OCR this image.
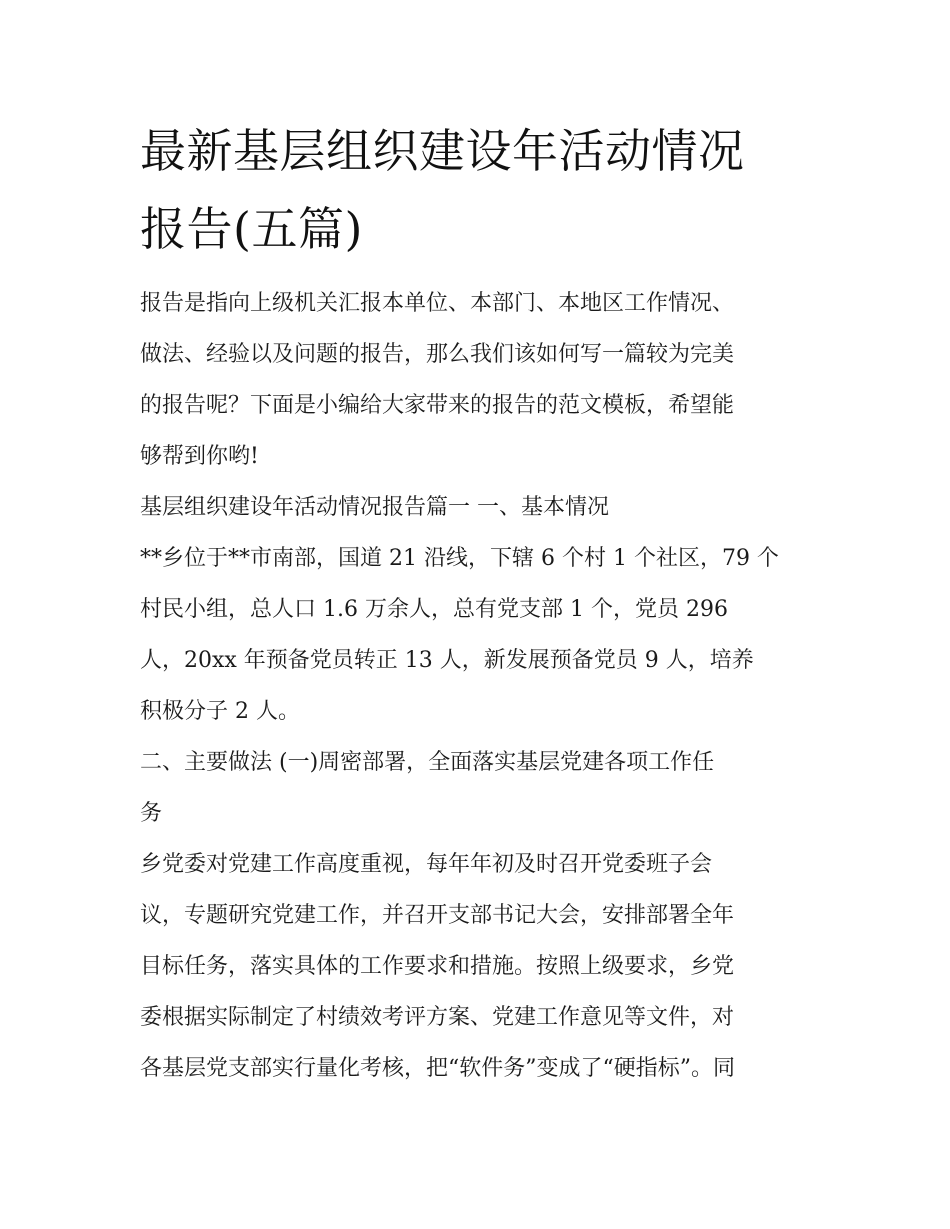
最新基层组织建设年活动情况
报告(五篇)
报告是指向上级机关汇报本单位、本部门、本地区工作情况、
做法、经验以及问题的报告，那么我们该如何写一篇较为完美
的报告呢？下面是小编给大家带来的报告的范文模板，希望能
够帮到你哟!
基层组织建设年活动情况报告篇一 一、基本情况
**乡位于**市南部，国道 21 沿线，下辖 6 个村 1 个社区，79 个
村民小组，总人口 1.6 万余人，总有党支部 1 个，党员 296
人，20xx 年预备党员转正 13 人，新发展预备党员 9 人，培养
积极分子 2 人。
二、主要做法 (一)周密部署，全面落实基层党建各项工作任
务
乡党委对党建工作高度重视，每年年初及时召开党委班子会
议，专题研究党建工作，并召开支部书记大会，安排部署全年
目标任务，落实具体的工作要求和措施。按照上级要求，乡党
委根据实际制定了村绩效考评方案、党建工作意见等文件，对
各基层党支部实行量化考核，把“软件务”变成了“硬指标”。同
